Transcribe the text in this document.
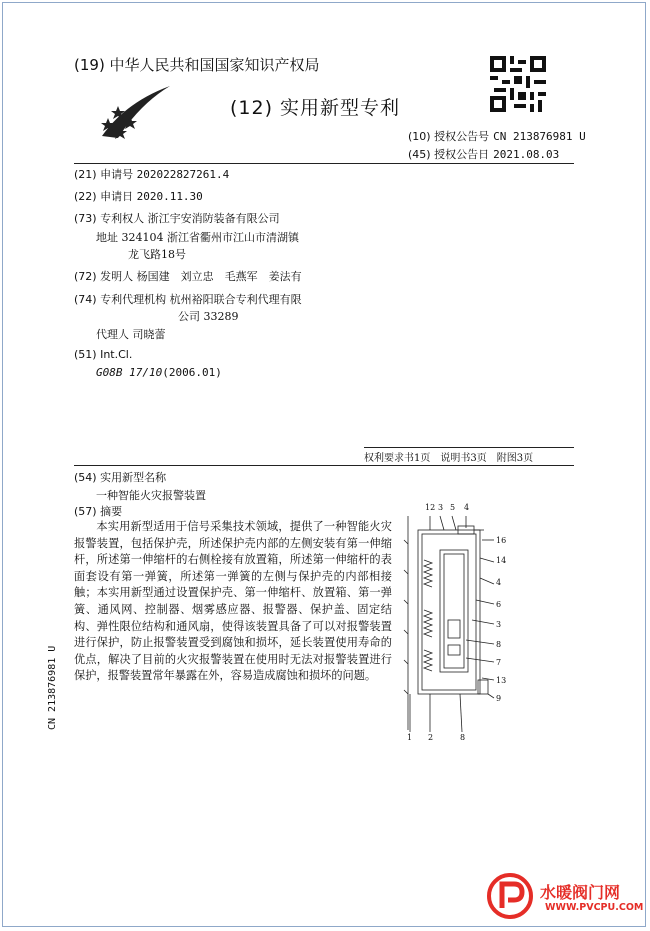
(19) 中华人民共和国国家知识产权局
(12) 实用新型专利
(10) 授权公告号 CN 213876981 U
(45) 授权公告日 2021.08.03
(21) 申请号 202022827261.4
(22) 申请日 2020.11.30
(73) 专利权人 浙江宇安消防装备有限公司
地址 324104 浙江省衢州市江山市清湖镇
龙飞路18号
(72) 发明人 杨国建　刘立忠　毛燕军　姜法有
(74) 专利代理机构 杭州裕阳联合专利代理有限
公司 33289
代理人 司晓蕾
(51) Int.Cl.
G08B 17/10(2006.01)
权利要求书1页 说明书3页 附图3页
(54) 实用新型名称
一种智能火灾报警装置
(57) 摘要
本实用新型适用于信号采集技术领域，提供了一种智能火灾报警装置，包括保护壳，所述保护壳内部的左侧安装有第一伸缩杆，所述第一伸缩杆的右侧栓接有放置箱，所述第一伸缩杆的表面套设有第一弹簧，所述第一弹簧的左侧与保护壳的内部相接触；本实用新型通过设置保护壳、第一伸缩杆、放置箱、第一弹簧、通风网、控制器、烟雾感应器、报警器、保护盖、固定结构、弹性限位结构和通风扇，使得该装置具备了可以对报警装置进行保护，防止报警装置受到腐蚀和损坏，延长装置使用寿命的优点，解决了目前的火灾报警装置在使用时无法对报警装置进行保护，报警装置常年暴露在外，容易造成腐蚀和损坏的问题。
CN 213876981 U
12 3 5 4
16
14
4
6
3
8
7
13
9
1 2	8
水暖阀门网
WWW.PVCPU.COM
